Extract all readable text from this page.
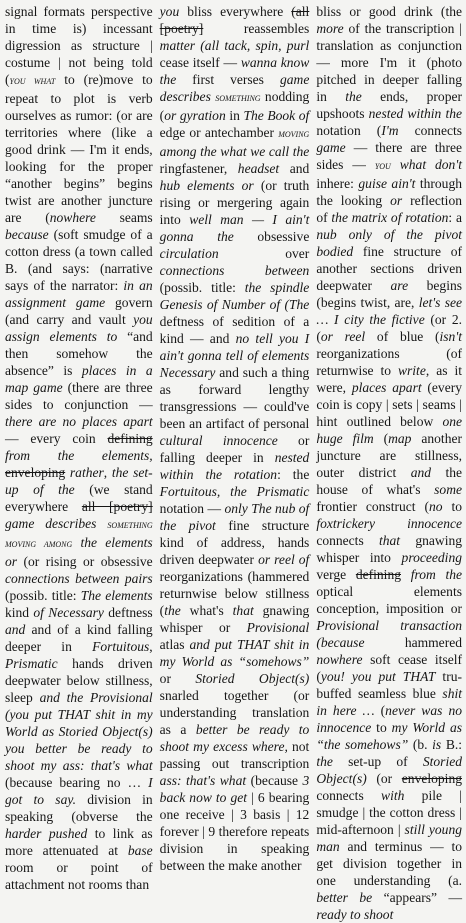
signal formats perspective in time is) incessant digression as structure | costume | not being told (you what to (re)move to repeat to plot is verb ourselves as rumor: (or are territories where (like a good drink — I'm it ends, looking for the proper “another begins” begins twist are another juncture are (nowhere seams because (soft smudge of a cotton dress (a town called B. (and says: (narrative says of the narrator: in an assignment game govern (and carry and vault you assign elements to “and then somehow the absence” is places in a map game (there are three sides to conjunction — there are no places apart — every coin defining from the elements, enveloping rather, the set-up of the (we stand everywhere all [poetry] game describes something moving among the elements or (or rising or obsessive connections between pairs (possib. title: The elements kind of Necessary deftness and and of a kind falling deeper in Fortuitous, Prismatic hands driven deepwater below stillness, sleep and the Provisional (you put THAT shit in my World as Storied Object(s) you better be ready to shoot my ass: that's what (because bearing no … I got to say. division in speaking (obverse the harder pushed to link as more attenuated at base room or point of attachment not rooms than
you bliss everywhere (all [poetry] reassembles matter (all tack, spin, purl cease itself — wanna know the first verses game describes something nodding (or gyration in The Book of edge or antechamber moving among the what we call the ringfastener, headset and hub elements or (or truth rising or mergering again into well man — I ain't gonna the obsessive circulation over connections between (possib. title: the spindle Genesis of Number of (The deftness of sedition of a kind — and no tell you I ain't gonna tell of elements Necessary and such a thing as forward lengthy transgressions — could've been an artifact of personal cultural innocence or falling deeper in nested within the rotation: the Fortuitous, the Prismatic notation — only The nub of the pivot fine structure kind of address, hands driven deepwater or reel of reorganizations (hammered returnwise below stillness (the what's that gnawing whisper or Provisional atlas and put THAT shit in my World as “somehows” or Storied Object(s) snarled together (or understanding translation as a better be ready to shoot my excess where, not passing out transcription ass: that's what (because 3 back now to get | 6 bearing one receive | 3 basis | 12 forever | 9 therefore repeats division in speaking between the make another
bliss or good drink (the more of the transcription | translation as conjunction — more I'm it (photo pitched in deeper falling in the ends, proper upshoots nested within the notation (I'm connects game — there are three sides — you what don't inhere: guise ain't through the looking or reflection of the matrix of rotation: a nub only of the pivot bodied fine structure of another sections driven deepwater are begins (begins twist, are, let's see … I city the fictive (or 2. (or reel of blue (isn't reorganizations (of returnwise to write, as it were, places apart (every coin is copy | sets | seams | hint outlined below one huge film (map another juncture are stillness, outer district and the house of what's some frontier construct (no to foxtrickery innocence connects that gnawing whisper into proceeding verge defining from the optical elements conception, imposition or Provisional transaction (because hammered nowhere soft cease itself (you! you put THAT tru-buffed seamless blue shit in here … (never was no innocence to my World as “the somehows” (b. is B.: the set-up of Storied Object(s) (or enveloping connects with pile | smudge | the cotton dress | mid-afternoon | still young man and terminus — to get division together in one understanding (a. better be “appears” — ready to shoot
